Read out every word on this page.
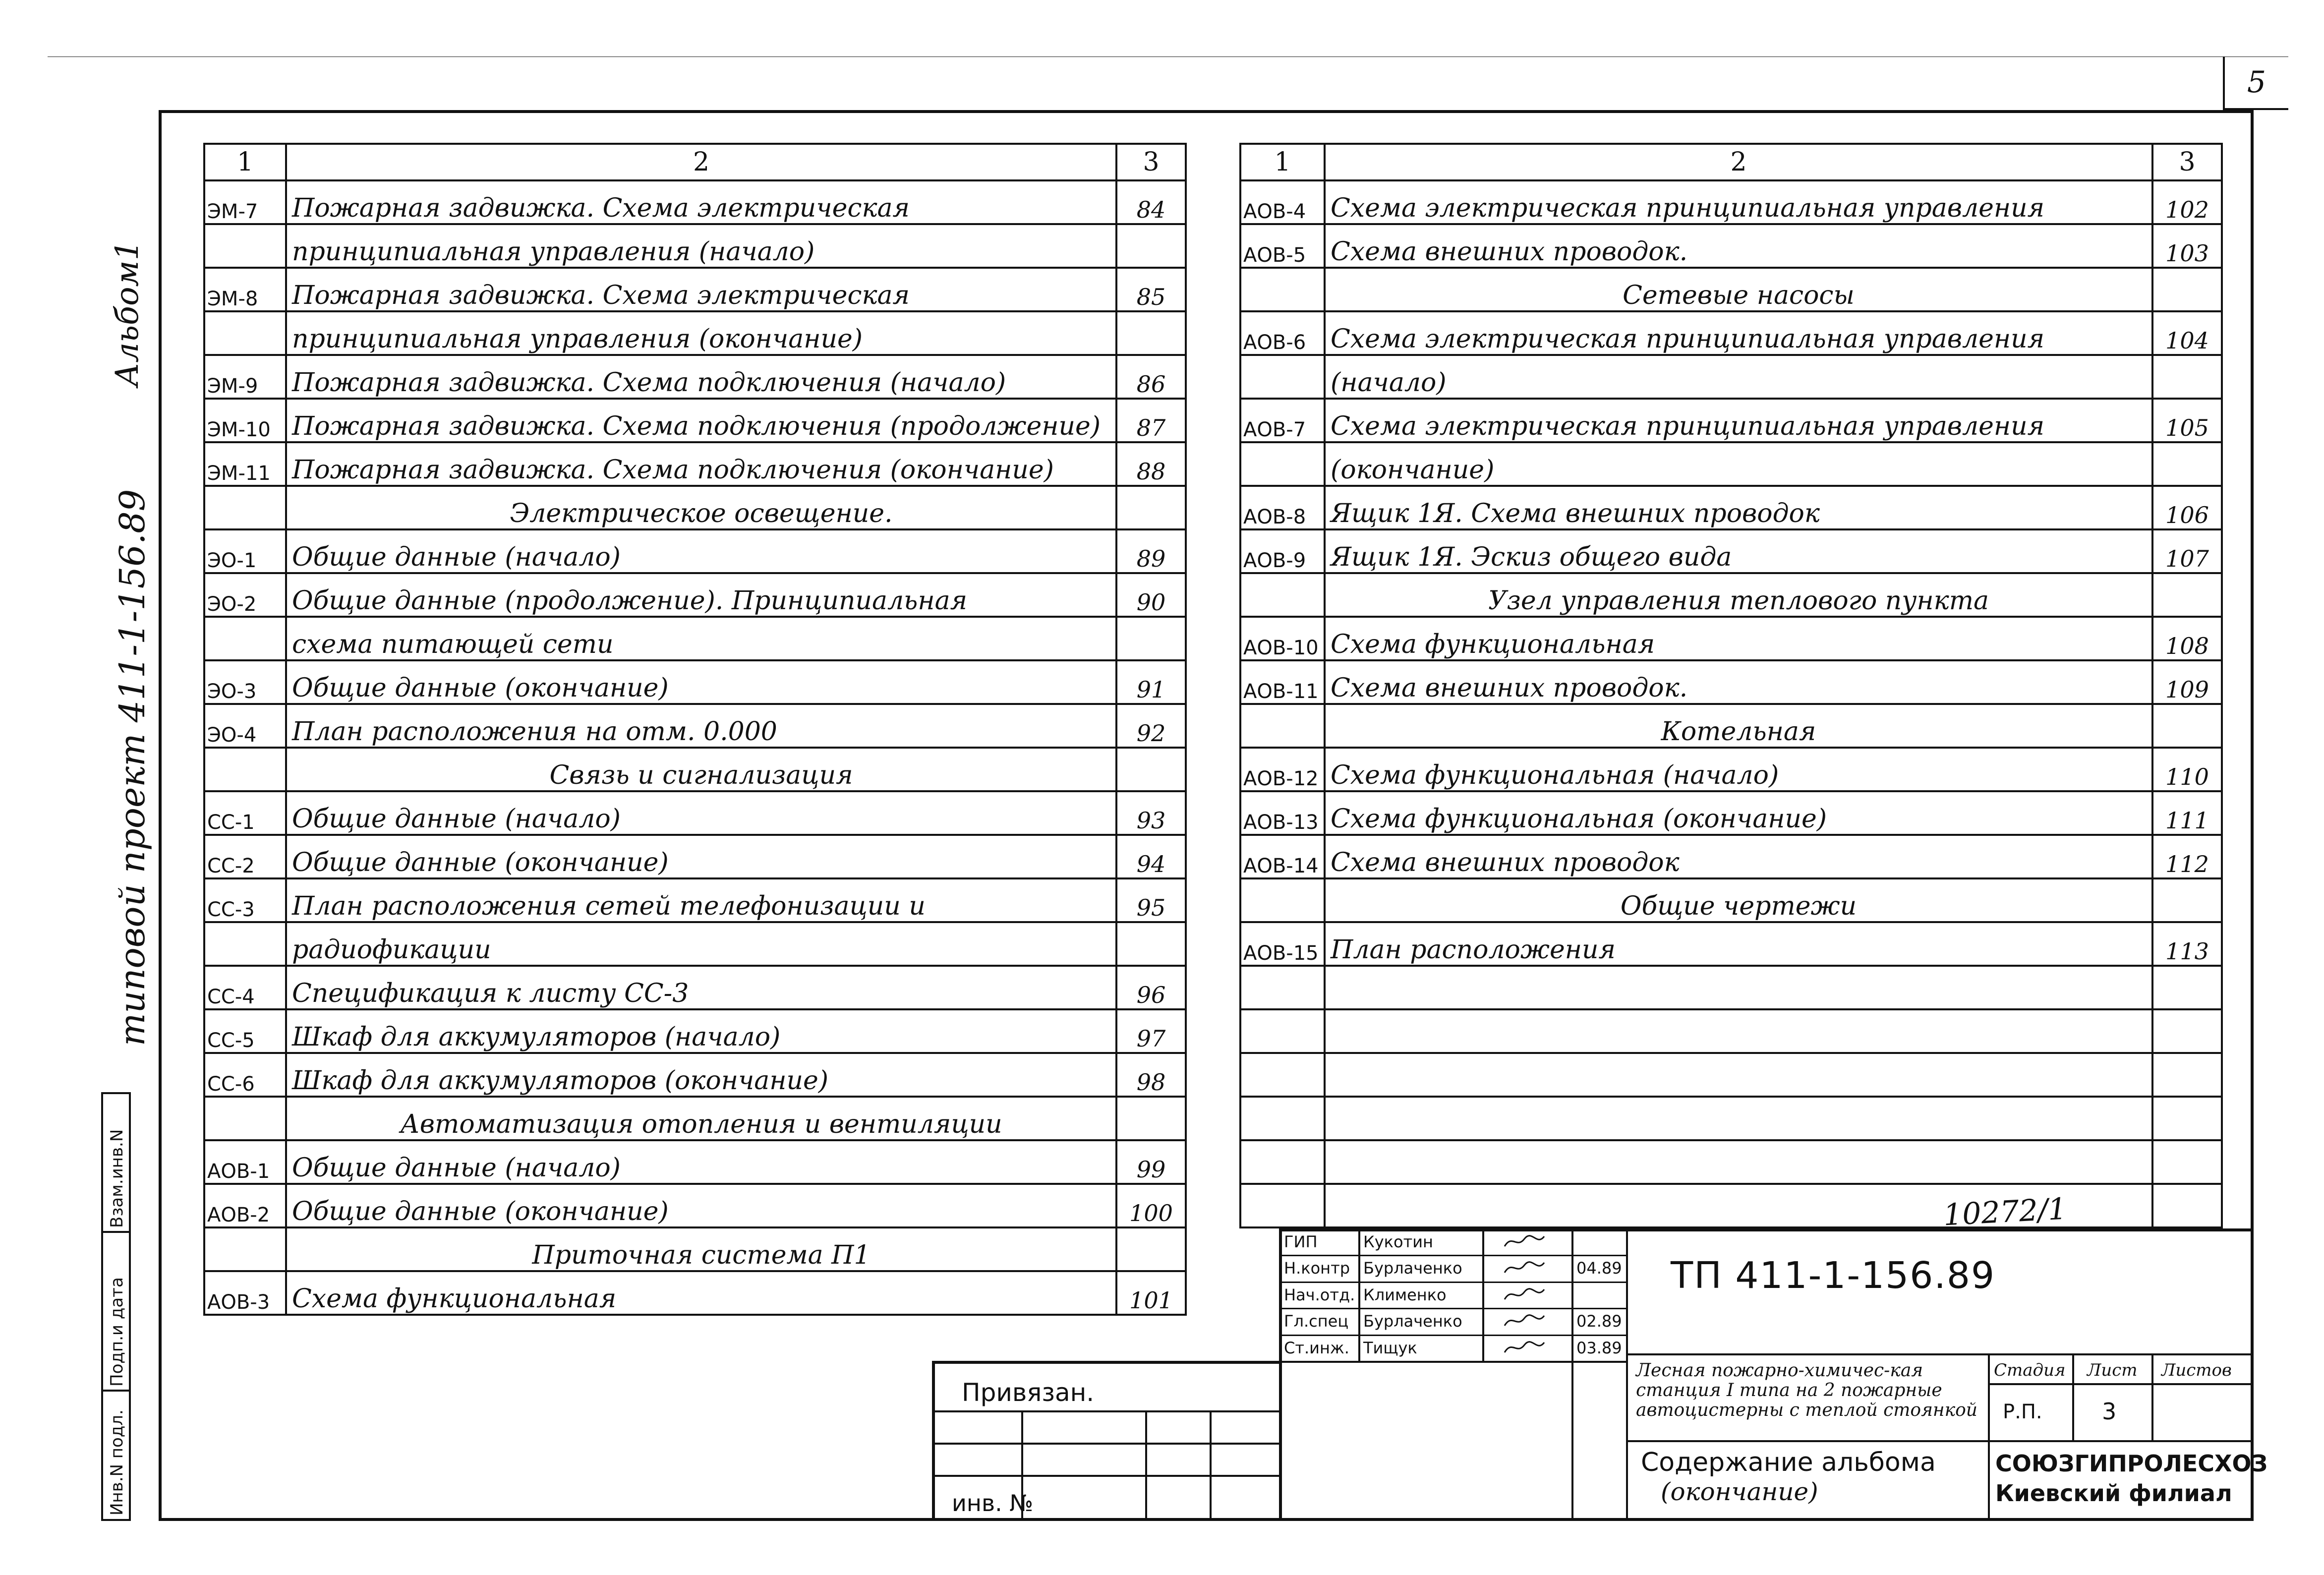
5
Альбом1
типовой проект 411-1-156.89
Взам.инв.N
Подп.и дата
Инв.N подл.
1	2	3
ЭМ-7	Пожарная задвижка. Схема электрическая	84
	принципиальная управления (начало)	
ЭМ-8	Пожарная задвижка. Схема электрическая	85
	принципиальная управления (окончание)	
ЭМ-9	Пожарная задвижка. Схема подключения (начало)	86
ЭМ-10	Пожарная задвижка. Схема подключения (продолжение)	87
ЭМ-11	Пожарная задвижка. Схема подключения (окончание)	88
	Электрическое освещение.	
ЭО-1	Общие данные (начало)	89
ЭО-2	Общие данные (продолжение). Принципиальная	90
	схема питающей сети	
ЭО-3	Общие данные (окончание)	91
ЭО-4	План расположения на отм. 0.000	92
	Связь и сигнализация	
СС-1	Общие данные (начало)	93
СС-2	Общие данные (окончание)	94
СС-3	План расположения сетей телефонизации и	95
	радиофикации	
СС-4	Спецификация к листу СС-3	96
СС-5	Шкаф для аккумуляторов (начало)	97
СС-6	Шкаф для аккумуляторов (окончание)	98
	Автоматизация отопления и вентиляции	
АОВ-1	Общие данные (начало)	99
АОВ-2	Общие данные (окончание)	100
	Приточная система П1	
АОВ-3	Схема функциональная	101
1	2	3
АОВ-4	Схема электрическая принципиальная управления	102
АОВ-5	Схема внешних проводок.	103
	Сетевые насосы	
АОВ-6	Схема электрическая принципиальная управления	104
	(начало)	
АОВ-7	Схема электрическая принципиальная управления	105
	(окончание)	
АОВ-8	Ящик 1Я. Схема внешних проводок	106
АОВ-9	Ящик 1Я. Эскиз общего вида	107
	Узел управления теплового пункта	
АОВ-10	Схема функциональная	108
АОВ-11	Схема внешних проводок.	109
	Котельная	
АОВ-12	Схема функциональная (начало)	110
АОВ-13	Схема функциональная (окончание)	111
АОВ-14	Схема внешних проводок	112
	Общие чертежи	
АОВ-15	План расположения	113

10272/1
Привязан.
инв. №
ГИП	Кукотин
Н.контр Бурлаченко	04.89
Нач.отд. Клименко
Гл.спец Бурлаченко	02.89
Ст.инж. Тищук	03.89
ТП 411-1-156.89
Лесная пожарно-химичес-кая станция I типа на 2 пожарные автоцистерны с теплой стоянкой
Стадия Лист Листов
Р.П.	3
Содержание альбома
(окончание)
СОЮЗГИПРОЛЕСХОЗ
Киевский филиал
